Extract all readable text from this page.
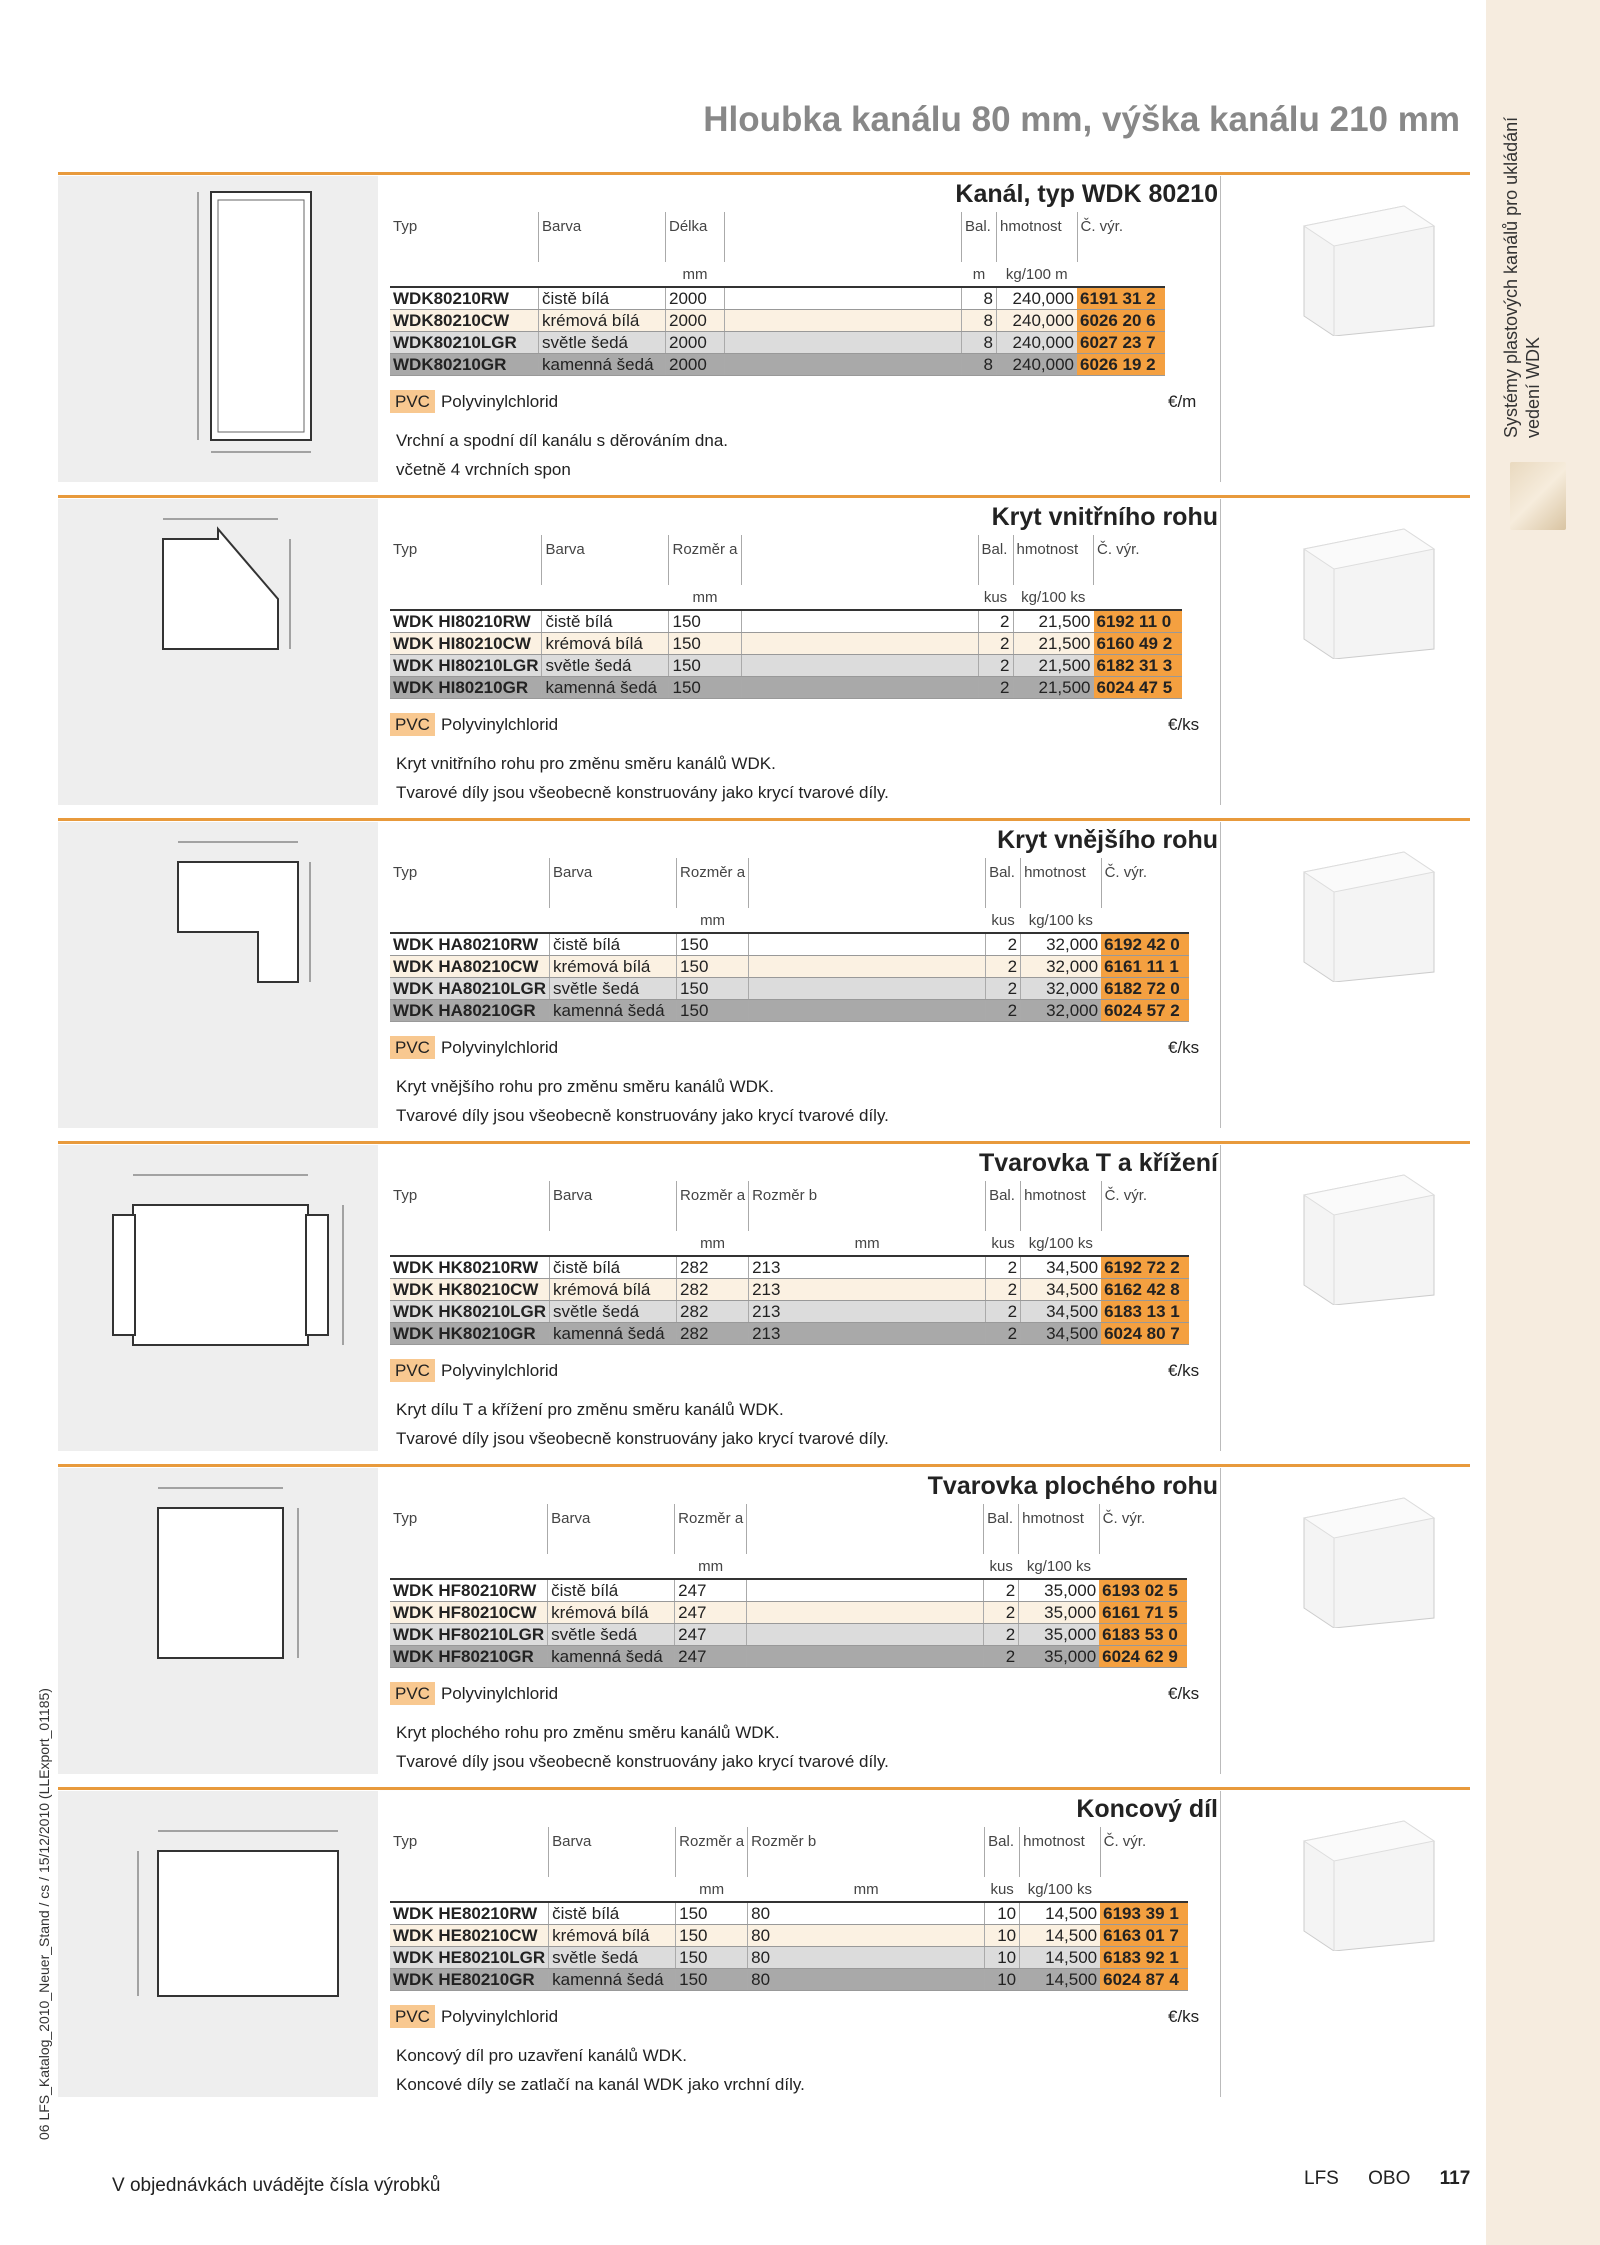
Systémy plastových kanálů pro ukládání vedení WDK
Hloubka kanálu 80 mm, výška kanálu 210 mm
06 LFS_Katalog_2010_Neuer_Stand / cs / 15/12/2010 (LLExport_01185)
Kanál, typ WDK 80210
Typ	Barva	Délka		Bal.	hmotnost	Č. výr.
		mm		m	kg/100 m	
WDK80210RW	čistě bílá	2000		8	240,000	6191 31 2
WDK80210CW	krémová bílá	2000		8	240,000	6026 20 6
WDK80210LGR	světle šedá	2000		8	240,000	6027 23 7
WDK80210GR	kamenná šedá	2000		8	240,000	6026 19 2
PVC Polyvinylchlorid	€/m
Vrchní a spodní díl kanálu s děrováním dna.
včetně 4 vrchních spon
Kryt vnitřního rohu
Typ	Barva	Rozměr a		Bal.	hmotnost	Č. výr.
		mm		kus	kg/100 ks	
WDK HI80210RW	čistě bílá	150		2	21,500	6192 11 0
WDK HI80210CW	krémová bílá	150		2	21,500	6160 49 2
WDK HI80210LGR	světle šedá	150		2	21,500	6182 31 3
WDK HI80210GR	kamenná šedá	150		2	21,500	6024 47 5
PVC Polyvinylchlorid	€/ks
Kryt vnitřního rohu pro změnu směru kanálů WDK.
Tvarové díly jsou všeobecně konstruovány jako krycí tvarové díly.
Kryt vnějšího rohu
Typ	Barva	Rozměr a		Bal.	hmotnost	Č. výr.
		mm		kus	kg/100 ks	
WDK HA80210RW	čistě bílá	150		2	32,000	6192 42 0
WDK HA80210CW	krémová bílá	150		2	32,000	6161 11 1
WDK HA80210LGR	světle šedá	150		2	32,000	6182 72 0
WDK HA80210GR	kamenná šedá	150		2	32,000	6024 57 2
PVC Polyvinylchlorid	€/ks
Kryt vnějšího rohu pro změnu směru kanálů WDK.
Tvarové díly jsou všeobecně konstruovány jako krycí tvarové díly.
Tvarovka T a křížení
Typ	Barva	Rozměr a	Rozměr b	Bal.	hmotnost	Č. výr.
		mm	mm	kus	kg/100 ks	
WDK HK80210RW	čistě bílá	282	213	2	34,500	6192 72 2
WDK HK80210CW	krémová bílá	282	213	2	34,500	6162 42 8
WDK HK80210LGR	světle šedá	282	213	2	34,500	6183 13 1
WDK HK80210GR	kamenná šedá	282	213	2	34,500	6024 80 7
PVC Polyvinylchlorid	€/ks
Kryt dílu T a křížení pro změnu směru kanálů WDK.
Tvarové díly jsou všeobecně konstruovány jako krycí tvarové díly.
Tvarovka plochého rohu
Typ	Barva	Rozměr a		Bal.	hmotnost	Č. výr.
		mm		kus	kg/100 ks	
WDK HF80210RW	čistě bílá	247		2	35,000	6193 02 5
WDK HF80210CW	krémová bílá	247		2	35,000	6161 71 5
WDK HF80210LGR	světle šedá	247		2	35,000	6183 53 0
WDK HF80210GR	kamenná šedá	247		2	35,000	6024 62 9
PVC Polyvinylchlorid	€/ks
Kryt plochého rohu pro změnu směru kanálů WDK.
Tvarové díly jsou všeobecně konstruovány jako krycí tvarové díly.
Koncový díl
Typ	Barva	Rozměr a	Rozměr b	Bal.	hmotnost	Č. výr.
		mm	mm	kus	kg/100 ks	
WDK HE80210RW	čistě bílá	150	80	10	14,500	6193 39 1
WDK HE80210CW	krémová bílá	150	80	10	14,500	6163 01 7
WDK HE80210LGR	světle šedá	150	80	10	14,500	6183 92 1
WDK HE80210GR	kamenná šedá	150	80	10	14,500	6024 87 4
PVC Polyvinylchlorid	€/ks
Koncový díl pro uzavření kanálů WDK.
Koncové díly se zatlačí na kanál WDK jako vrchní díly.
V objednávkách uvádějte čísla výrobků	LFS OBO 117
